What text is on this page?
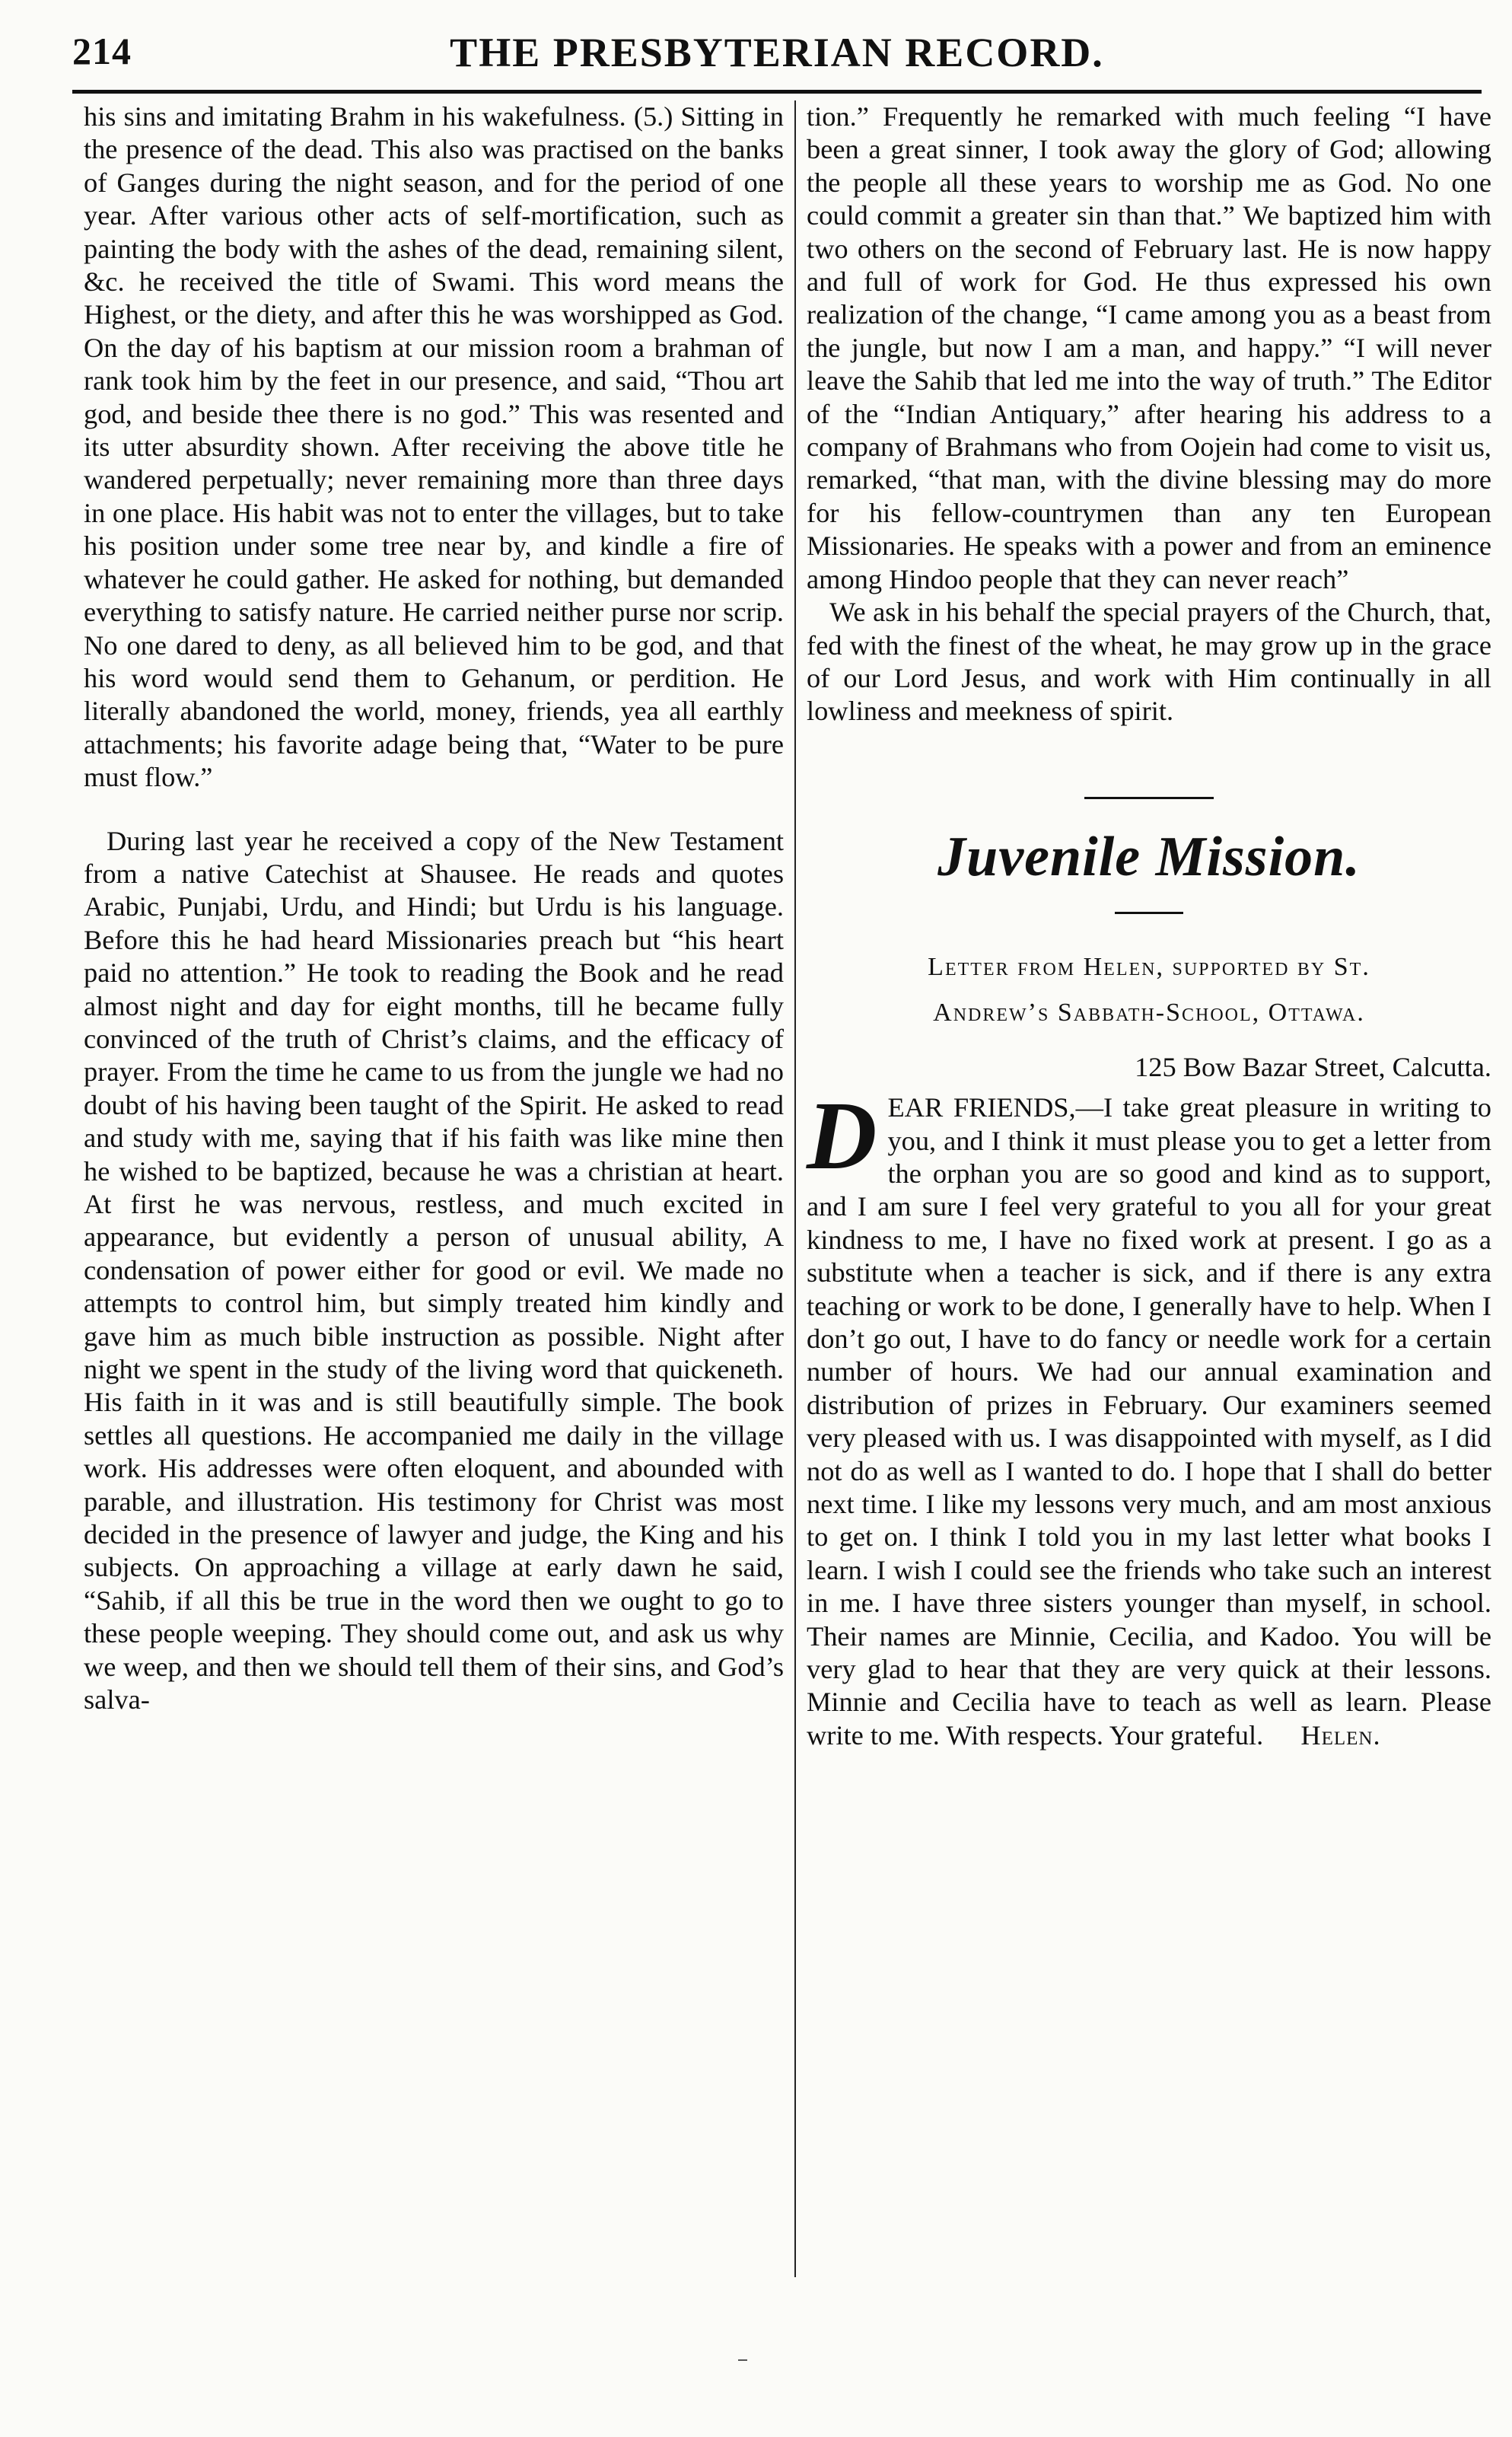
214	THE PRESBYTERIAN RECORD.

his sins and imitating Brahm in his wakefulness. (5.) Sitting in the presence of the dead. This also was practised on the banks of Ganges during the night season, and for the period of one year. After various other acts of self-mortification, such as painting the body with the ashes of the dead, remaining silent, &c. he received the title of Swami. This word means the Highest, or the diety, and after this he was worshipped as God. On the day of his baptism at our mission room a brahman of rank took him by the feet in our presence, and said, “Thou art god, and beside thee there is no god.” This was resented and its utter absurdity shown. After receiving the above title he wandered perpetually; never remaining more than three days in one place. His habit was not to enter the villages, but to take his position under some tree near by, and kindle a fire of whatever he could gather. He asked for nothing, but demanded everything to satisfy nature. He carried neither purse nor scrip. No one dared to deny, as all believed him to be god, and that his word would send them to Gehanum, or perdition. He literally abandoned the world, money, friends, yea all earthly attachments; his favorite adage being that, “Water to be pure must flow.”

During last year he received a copy of the New Testament from a native Catechist at Shausee. He reads and quotes Arabic, Punjabi, Urdu, and Hindi; but Urdu is his language. Before this he had heard Missionaries preach but “his heart paid no attention.” He took to reading the Book and he read almost night and day for eight months, till he became fully convinced of the truth of Christ’s claims, and the efficacy of prayer. From the time he came to us from the jungle we had no doubt of his having been taught of the Spirit. He asked to read and study with me, saying that if his faith was like mine then he wished to be baptized, because he was a christian at heart. At first he was nervous, restless, and much excited in appearance, but evidently a person of unusual ability, A condensation of power either for good or evil. We made no attempts to control him, but simply treated him kindly and gave him as much bible instruction as possible. Night after night we spent in the study of the living word that quickeneth. His faith in it was and is still beautifully simple. The book settles all questions. He accompanied me daily in the village work. His addresses were often eloquent, and abounded with parable, and illustration. His testimony for Christ was most decided in the presence of lawyer and judge, the King and his subjects. On approaching a village at early dawn he said, “Sahib, if all this be true in the word then we ought to go to these people weeping. They should come out, and ask us why we weep, and then we should tell them of their sins, and God’s salva-

tion.” Frequently he remarked with much feeling “I have been a great sinner, I took away the glory of God; allowing the people all these years to worship me as God. No one could commit a greater sin than that.” We baptized him with two others on the second of February last. He is now happy and full of work for God. He thus expressed his own realization of the change, “I came among you as a beast from the jungle, but now I am a man, and happy.” “I will never leave the Sahib that led me into the way of truth.” The Editor of the “Indian Antiquary,” after hearing his address to a company of Brahmans who from Oojein had come to visit us, remarked, “that man, with the divine blessing may do more for his fellow-countrymen than any ten European Missionaries. He speaks with a power and from an eminence among Hindoo people that they can never reach”

We ask in his behalf the special prayers of the Church, that, fed with the finest of the wheat, he may grow up in the grace of our Lord Jesus, and work with Him continually in all lowliness and meekness of spirit.

Juvenile Mission.
Letter from Helen, supported by St.
Andrew’s Sabbath-School, Ottawa.
125 Bow Bazar Street, Calcutta.

D EAR FRIENDS,—I take great pleasure in writing to you, and I think it must please you to get a letter from the orphan you are so good and kind as to support, and I am sure I feel very grateful to you all for your great kindness to me, I have no fixed work at present. I go as a substitute when a teacher is sick, and if there is any extra teaching or work to be done, I generally have to help. When I don’t go out, I have to do fancy or needle work for a certain number of hours. We had our annual examination and distribution of prizes in February. Our examiners seemed very pleased with us. I was disappointed with myself, as I did not do as well as I wanted to do. I hope that I shall do better next time. I like my lessons very much, and am most anxious to get on. I think I told you in my last letter what books I learn. I wish I could see the friends who take such an interest in me. I have three sisters younger than myself, in school. Their names are Minnie, Cecilia, and Kadoo. You will be very glad to hear that they are very quick at their lessons. Minnie and Cecilia have to teach as well as learn. Please write to me. With respects. Your grateful. Helen.
